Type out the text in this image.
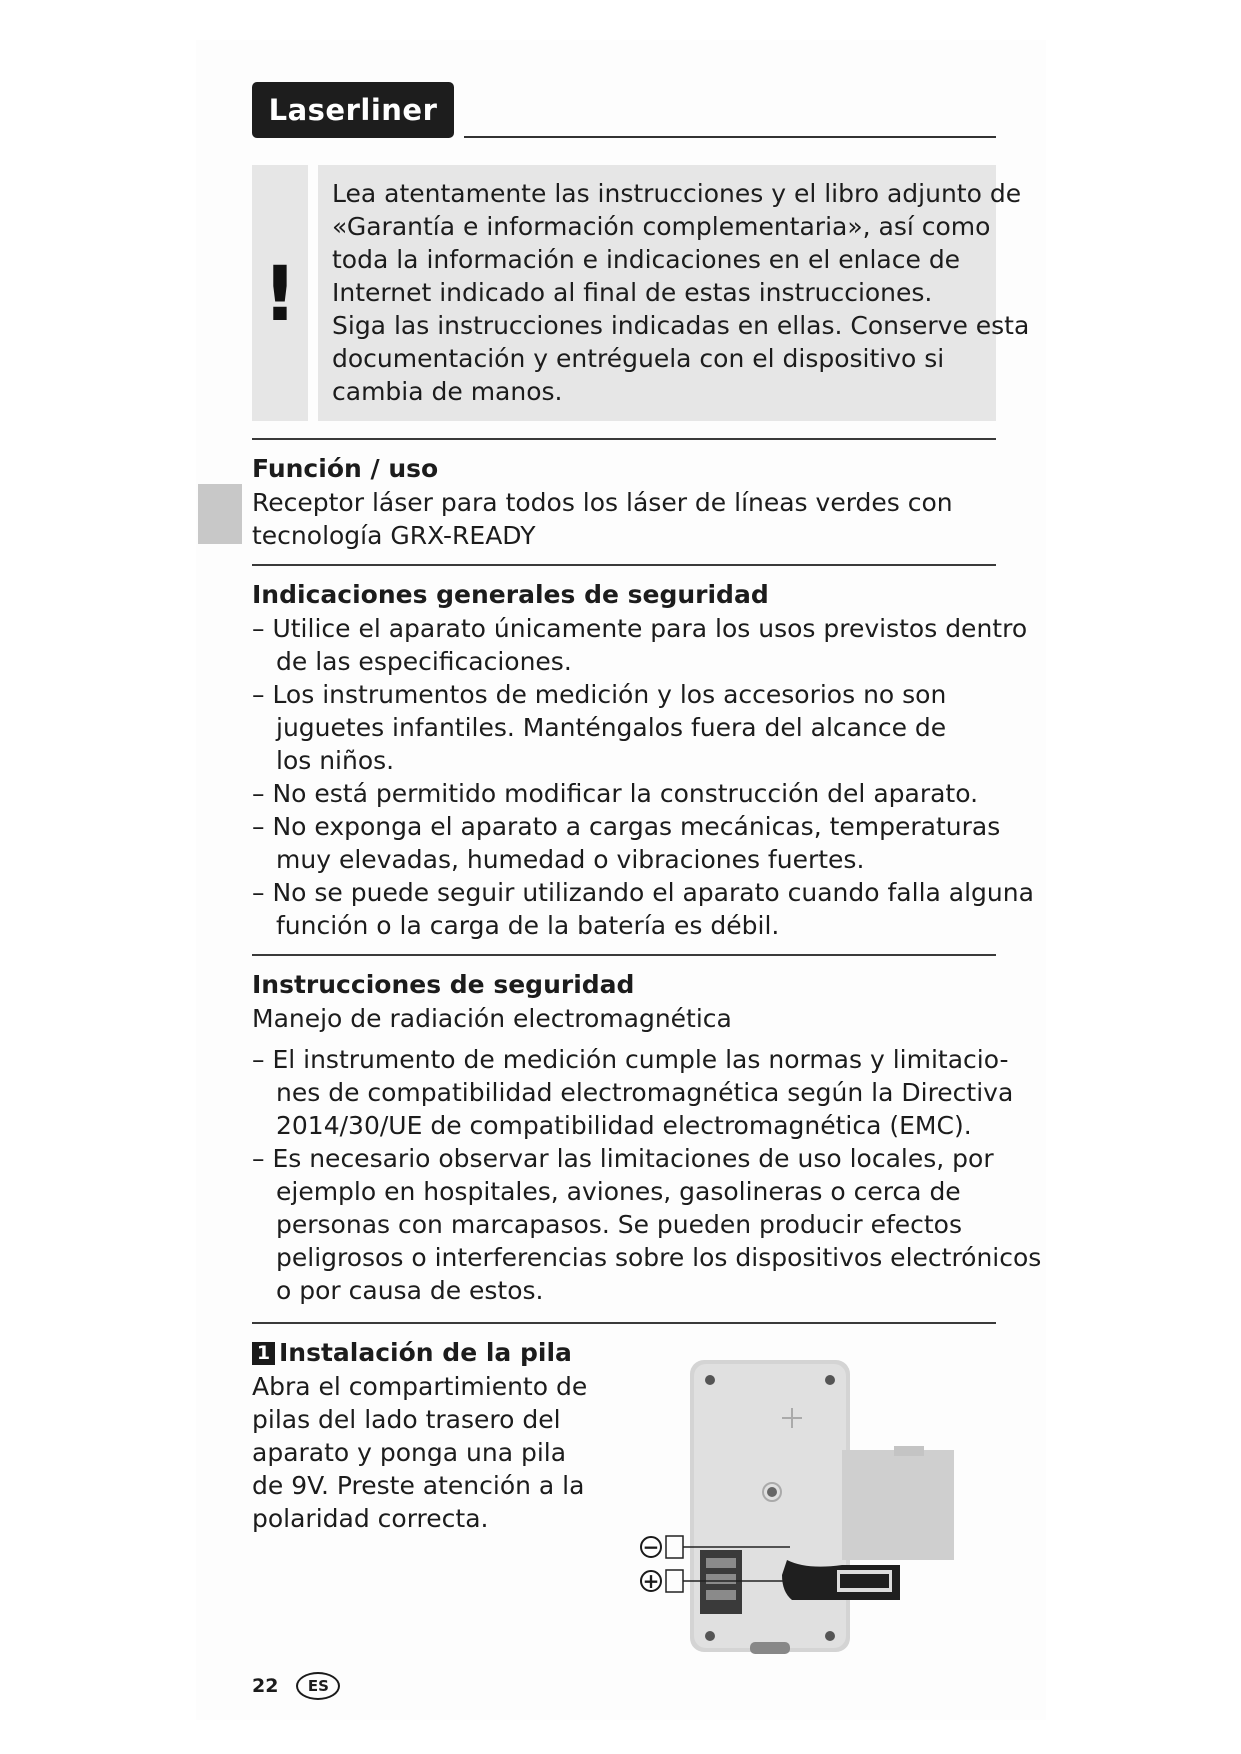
Laserliner
!
Lea atentamente las instrucciones y el libro adjunto de
«Garantía e información complementaria», así como
toda la información e indicaciones en el enlace de
Internet indicado al final de estas instrucciones.
Siga las instrucciones indicadas en ellas. Conserve esta
documentación y entréguela con el dispositivo si
cambia de manos.
Función / uso
Receptor láser para todos los láser de líneas verdes con
tecnología GRX-READY
Indicaciones generales de seguridad
– Utilice el aparato únicamente para los usos previstos dentro
de las especificaciones.
– Los instrumentos de medición y los accesorios no son
juguetes infantiles. Manténgalos fuera del alcance de
los niños.
– No está permitido modificar la construcción del aparato.
– No exponga el aparato a cargas mecánicas, temperaturas
muy elevadas, humedad o vibraciones fuertes.
– No se puede seguir utilizando el aparato cuando falla alguna
función o la carga de la batería es débil.
Instrucciones de seguridad
Manejo de radiación electromagnética
– El instrumento de medición cumple las normas y limitacio-
nes de compatibilidad electromagnética según la Directiva
2014/30/UE de compatibilidad electromagnética (EMC).
– Es necesario observar las limitaciones de uso locales, por
ejemplo en hospitales, aviones, gasolineras o cerca de
personas con marcapasos. Se pueden producir efectos
peligrosos o interferencias sobre los dispositivos electrónicos
o por causa de estos.
1 Instalación de la pila
Abra el compartimiento de
pilas del lado trasero del
aparato y ponga una pila
de 9V. Preste atención a la
polaridad correcta.
−
+
22	ES
